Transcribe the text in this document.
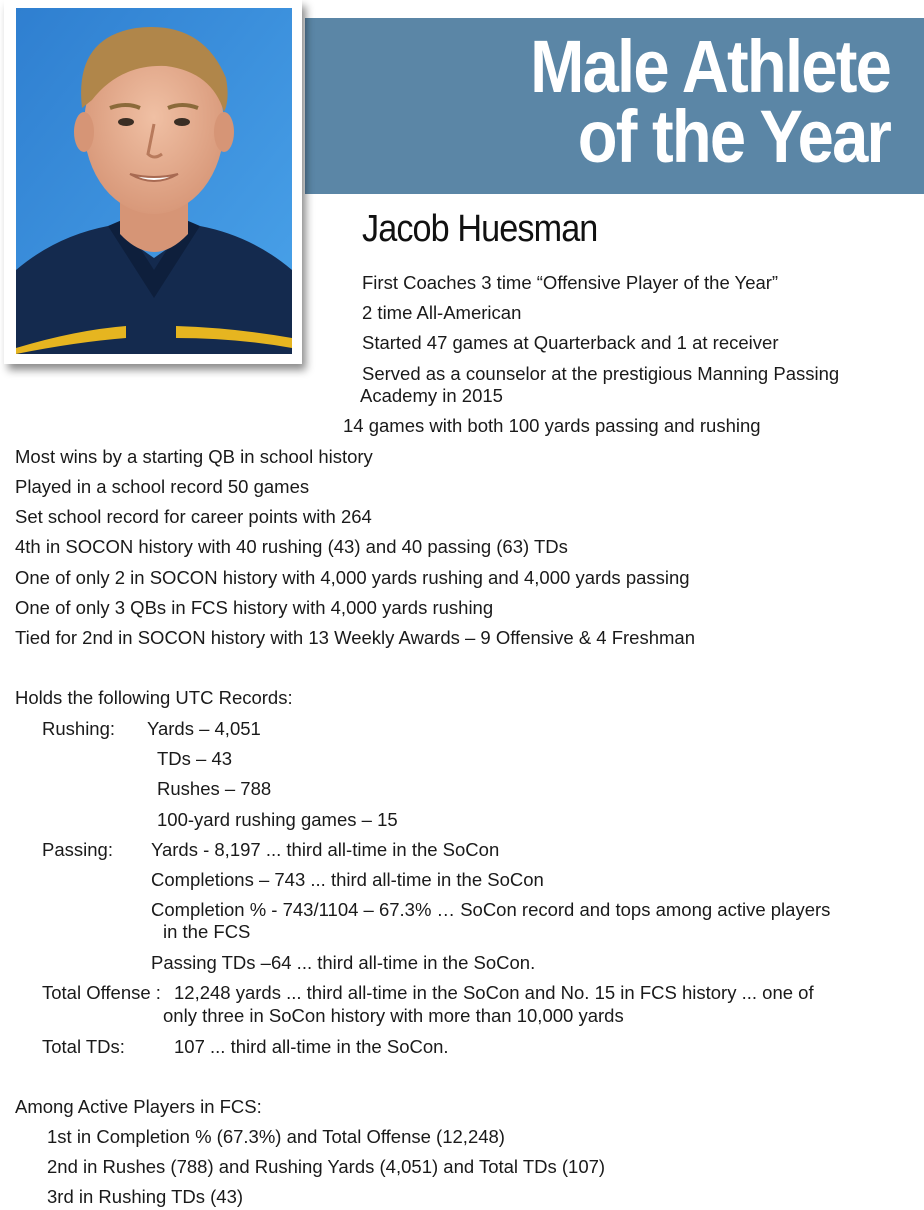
Male Athlete
of the Year
Jacob Huesman
First Coaches 3 time “Offensive Player of the Year”
2 time All-American
Started 47 games at Quarterback and 1 at receiver
Served as a counselor at the prestigious Manning Passing
Academy in 2015
14 games with both 100 yards passing and rushing
Most wins by a starting QB in school history
Played in a school record 50 games
Set school record for career points with 264
4th in SOCON history with 40 rushing (43) and 40 passing (63) TDs
One of only 2 in SOCON history with 4,000 yards rushing and 4,000 yards passing
One of only 3 QBs in FCS history with 4,000 yards rushing
Tied for 2nd in SOCON history with 13 Weekly Awards – 9 Offensive & 4 Freshman
Holds the following UTC Records:
Rushing: Yards – 4,051
TDs – 43
Rushes – 788
100-yard rushing games – 15
Passing: Yards - 8,197 ... third all-time in the SoCon
Completions – 743 ... third all-time in the SoCon
Completion % - 743/1104 – 67.3% … SoCon record and tops among active players
in the FCS
Passing TDs –64 ... third all-time in the SoCon.
Total Offense : 12,248 yards ... third all-time in the SoCon and No. 15 in FCS history ... one of
only three in SoCon history with more than 10,000 yards
Total TDs:	107 ... third all-time in the SoCon.
Among Active Players in FCS:
1st in Completion % (67.3%) and Total Offense (12,248)
2nd in Rushes (788) and Rushing Yards (4,051) and Total TDs (107)
3rd in Rushing TDs (43)
